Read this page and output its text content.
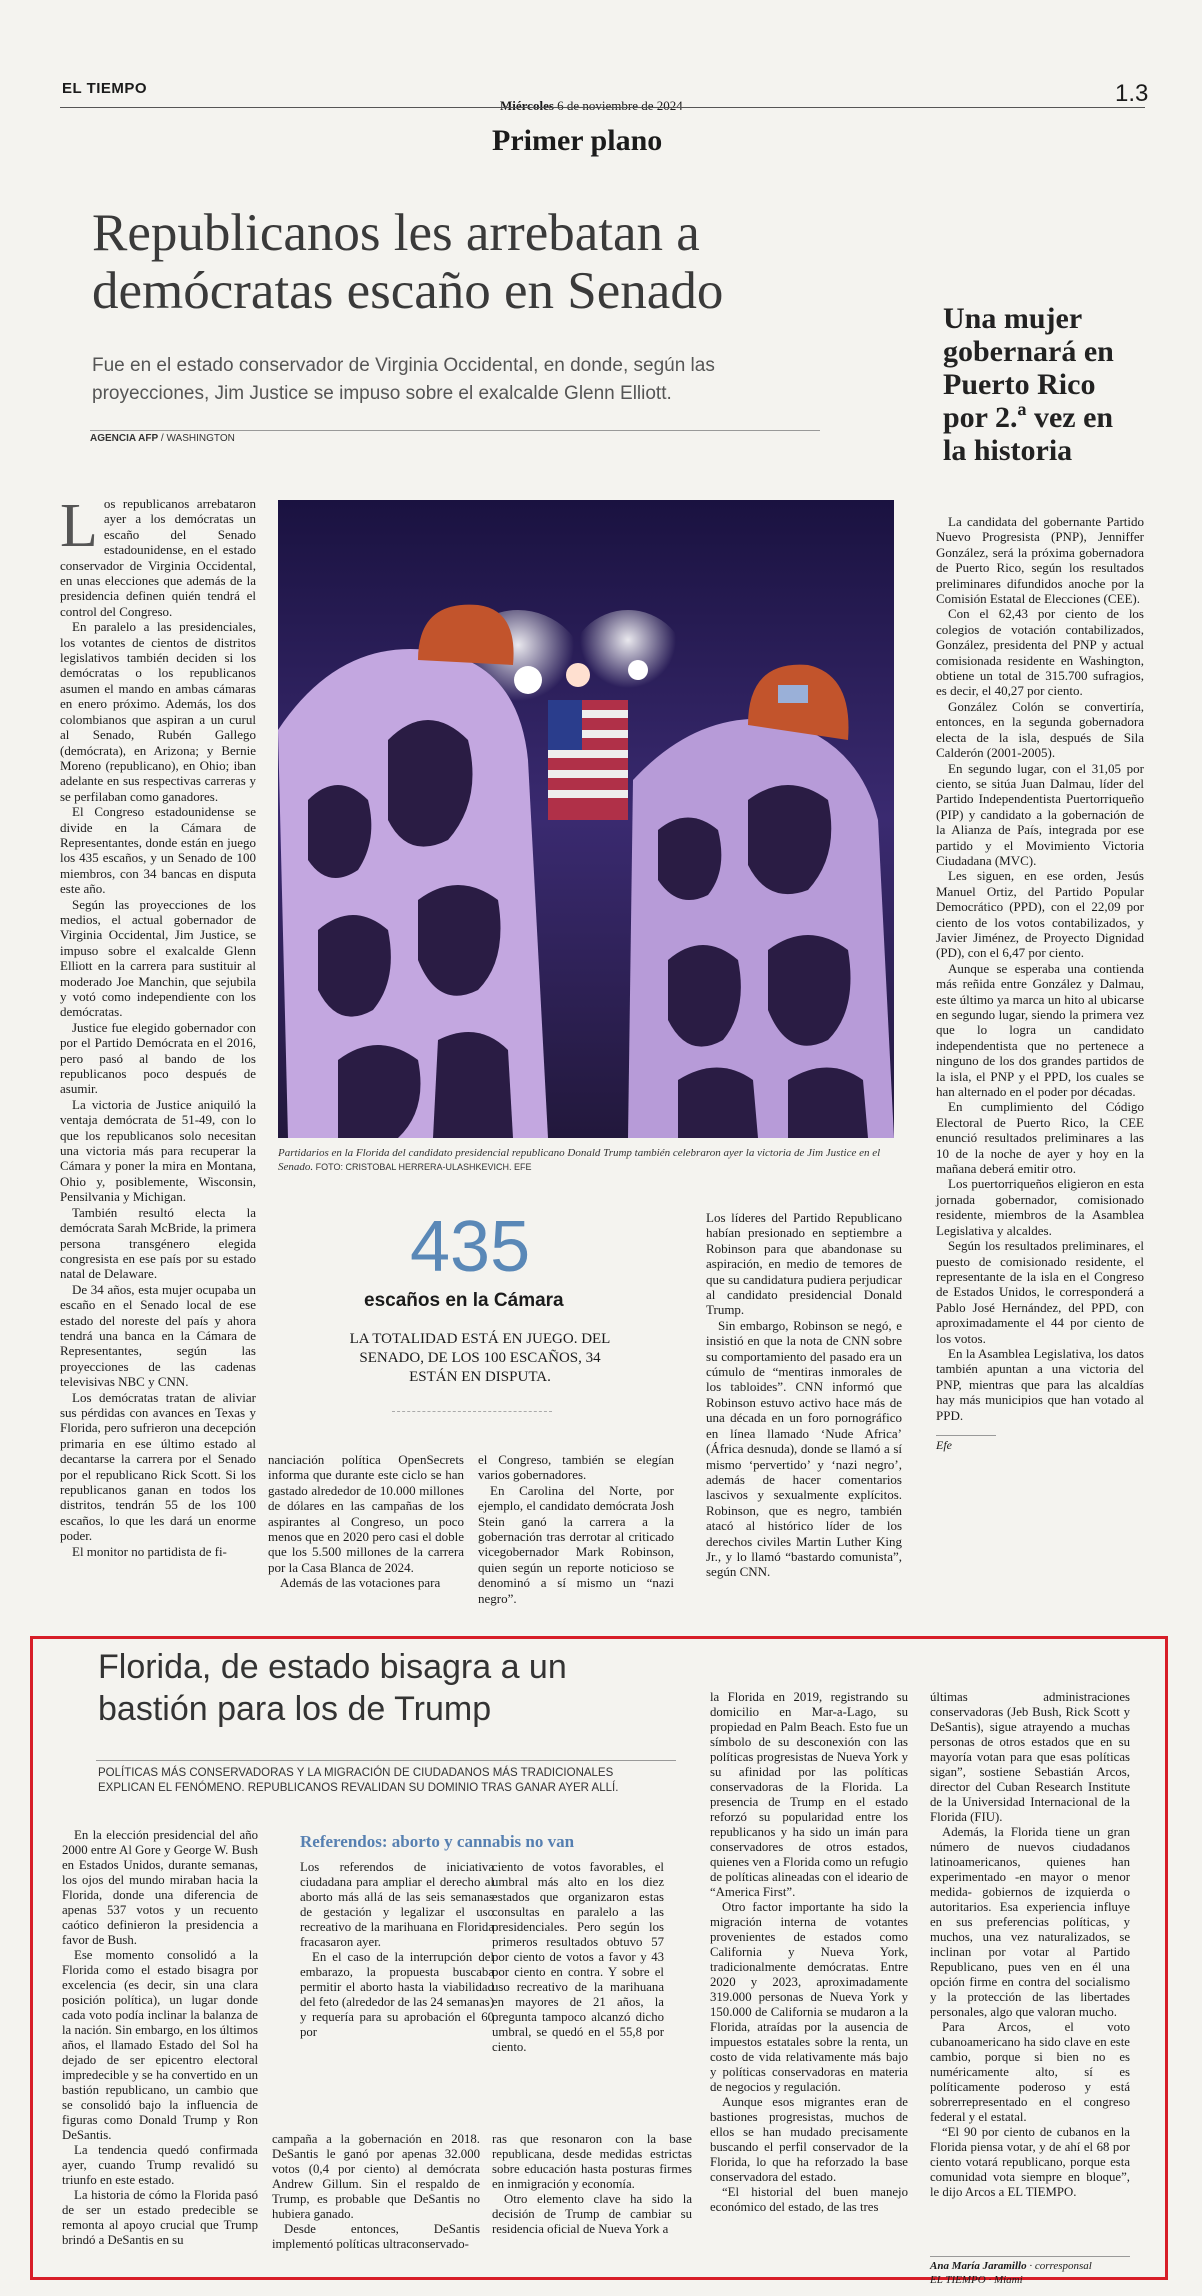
EL TIEMPO
Miércoles 6 de noviembre de 2024	1.3
Primer plano
Republicanos les arrebatan a demócratas escaño en Senado
Fue en el estado conservador de Virginia Occidental, en donde, según las proyecciones, Jim Justice se impuso sobre el exalcalde Glenn Elliott.
AGENCIA AFP / WASHINGTON
L os republicanos arrebataron ayer a los demócratas un escaño del Senado estadounidense, en el estado conservador de Virginia Occidental, en unas elecciones que además de la presidencia definen quién tendrá el control del Congreso.

En paralelo a las presidenciales, los votantes de cientos de distritos legislativos también deciden si los demócratas o los republicanos asumen el mando en ambas cámaras en enero próximo. Además, los dos colombianos que aspiran a un curul al Senado, Rubén Gallego (demócrata), en Arizona; y Bernie Moreno (republicano), en Ohio; iban adelante en sus respectivas carreras y se perfilaban como ganadores.

El Congreso estadounidense se divide en la Cámara de Representantes, donde están en juego los 435 escaños, y un Senado de 100 miembros, con 34 bancas en disputa este año.

Según las proyecciones de los medios, el actual gobernador de Virginia Occidental, Jim Justice, se impuso sobre el exalcalde Glenn Elliott en la carrera para sustituir al moderado Joe Manchin, que sejubila y votó como independiente con los demócratas.

Justice fue elegido gobernador con por el Partido Demócrata en el 2016, pero pasó al bando de los republicanos poco después de asumir.

La victoria de Justice aniquiló la ventaja demócrata de 51-49, con lo que los republicanos solo necesitan una victoria más para recuperar la Cámara y poner la mira en Montana, Ohio y, posiblemente, Wisconsin, Pensilvania y Michigan.

También resultó electa la demócrata Sarah McBride, la primera persona transgénero elegida congresista en ese país por su estado natal de Delaware.

De 34 años, esta mujer ocupaba un escaño en el Senado local de ese estado del noreste del país y ahora tendrá una banca en la Cámara de Representantes, según las proyecciones de las cadenas televisivas NBC y CNN.

Los demócratas tratan de aliviar sus pérdidas con avances en Texas y Florida, pero sufrieron una decepción primaria en ese último estado al decantarse la carrera por el Senado por el republicano Rick Scott. Si los republicanos ganan en todos los distritos, tendrán 55 de los 100 escaños, lo que les dará un enorme poder.

El monitor no partidista de fi-

Partidarios en la Florida del candidato presidencial republicano Donald Trump también celebraron ayer la victoria de Jim Justice en el Senado. FOTO: CRISTOBAL HERRERA-ULASHKEVICH. EFE
435
escaños en la Cámara
LA TOTALIDAD ESTÁ EN JUEGO. DEL SENADO, DE LOS 100 ESCAÑOS, 34 ESTÁN EN DISPUTA.

nanciación política OpenSecrets informa que durante este ciclo se han gastado alrededor de 10.000 millones de dólares en las campañas de los aspirantes al Congreso, un poco menos que en 2020 pero casi el doble que los 5.500 millones de la carrera por la Casa Blanca de 2024.

Además de las votaciones para

el Congreso, también se elegían varios gobernadores.

En Carolina del Norte, por ejemplo, el candidato demócrata Josh Stein ganó la carrera a la gobernación tras derrotar al criticado vicegobernador Mark Robinson, quien según un reporte noticioso se denominó a sí mismo un “nazi negro”.

Los líderes del Partido Republicano habían presionado en septiembre a Robinson para que abandonase su aspiración, en medio de temores de que su candidatura pudiera perjudicar al candidato presidencial Donald Trump.

Sin embargo, Robinson se negó, e insistió en que la nota de CNN sobre su comportamiento del pasado era un cúmulo de “mentiras inmorales de los tabloides”. CNN informó que Robinson estuvo activo hace más de una década en un foro pornográfico en línea llamado ‘Nude Africa’ (África desnuda), donde se llamó a sí mismo ‘pervertido’ y ‘nazi negro’, además de hacer comentarios lascivos y sexualmente explícitos. Robinson, que es negro, también atacó al histórico líder de los derechos civiles Martin Luther King Jr., y lo llamó “bastardo comunista”, según CNN.

Una mujer gobernará en Puerto Rico por 2.ª vez en la historia

La candidata del gobernante Partido Nuevo Progresista (PNP), Jenniffer González, será la próxima gobernadora de Puerto Rico, según los resultados preliminares difundidos anoche por la Comisión Estatal de Elecciones (CEE).

Con el 62,43 por ciento de los colegios de votación contabilizados, González, presidenta del PNP y actual comisionada residente en Washington, obtiene un total de 315.700 sufragios, es decir, el 40,27 por ciento.

González Colón se convertiría, entonces, en la segunda gobernadora electa de la isla, después de Sila Calderón (2001-2005).

En segundo lugar, con el 31,05 por ciento, se sitúa Juan Dalmau, líder del Partido Independentista Puertorriqueño (PIP) y candidato a la gobernación de la Alianza de País, integrada por ese partido y el Movimiento Victoria Ciudadana (MVC).

Les siguen, en ese orden, Jesús Manuel Ortiz, del Partido Popular Democrático (PPD), con el 22,09 por ciento de los votos contabilizados, y Javier Jiménez, de Proyecto Dignidad (PD), con el 6,47 por ciento.

Aunque se esperaba una contienda más reñida entre González y Dalmau, este último ya marca un hito al ubicarse en segundo lugar, siendo la primera vez que lo logra un candidato independentista que no pertenece a ninguno de los dos grandes partidos de la isla, el PNP y el PPD, los cuales se han alternado en el poder por décadas.

En cumplimiento del Código Electoral de Puerto Rico, la CEE enunció resultados preliminares a las 10 de la noche de ayer y hoy en la mañana deberá emitir otro.

Los puertorriqueños eligieron en esta jornada gobernador, comisionado residente, miembros de la Asamblea Legislativa y alcaldes.

Según los resultados preliminares, el puesto de comisionado residente, el representante de la isla en el Congreso de Estados Unidos, le corresponderá a Pablo José Hernández, del PPD, con aproximadamente el 44 por ciento de los votos.

En la Asamblea Legislativa, los datos también apuntan a una victoria del PNP, mientras que para las alcaldías hay más municipios que han votado al PPD.

Efe

Florida, de estado bisagra a un bastión para los de Trump
POLÍTICAS MÁS CONSERVADORAS Y LA MIGRACIÓN DE CIUDADANOS MÁS TRADICIONALES EXPLICAN EL FENÓMENO. REPUBLICANOS REVALIDAN SU DOMINIO TRAS GANAR AYER ALLÍ.

En la elección presidencial del año 2000 entre Al Gore y George W. Bush en Estados Unidos, durante semanas, los ojos del mundo miraban hacia la Florida, donde una diferencia de apenas 537 votos y un recuento caótico definieron la presidencia a favor de Bush.

Ese momento consolidó a la Florida como el estado bisagra por excelencia (es decir, sin una clara posición política), un lugar donde cada voto podía inclinar la balanza de la nación. Sin embargo, en los últimos años, el llamado Estado del Sol ha dejado de ser epicentro electoral impredecible y se ha convertido en un bastión republicano, un cambio que se consolidó bajo la influencia de figuras como Donald Trump y Ron DeSantis.

La tendencia quedó confirmada ayer, cuando Trump revalidó su triunfo en este estado.

La historia de cómo la Florida pasó de ser un estado predecible se remonta al apoyo crucial que Trump brindó a DeSantis en su

Referendos: aborto y cannabis no van

Los referendos de iniciativa ciudadana para ampliar el derecho al aborto más allá de las seis semanas de gestación y legalizar el uso recreativo de la marihuana en Florida fracasaron ayer.

En el caso de la interrupción del embarazo, la propuesta buscaba permitir el aborto hasta la viabilidad del feto (alrededor de las 24 semanas) y requería para su aprobación el 60 por

ciento de votos favorables, el umbral más alto en los diez estados que organizaron estas consultas en paralelo a las presidenciales. Pero según los primeros resultados obtuvo 57 por ciento de votos a favor y 43 por ciento en contra. Y sobre el uso recreativo de la marihuana en mayores de 21 años, la pregunta tampoco alcanzó dicho umbral, se quedó en el 55,8 por ciento.

campaña a la gobernación en 2018. DeSantis le ganó por apenas 32.000 votos (0,4 por ciento) al demócrata Andrew Gillum. Sin el respaldo de Trump, es probable que DeSantis no hubiera ganado.

Desde entonces, DeSantis implementó políticas ultraconservado-

ras que resonaron con la base republicana, desde medidas estrictas sobre educación hasta posturas firmes en inmigración y economía.

Otro elemento clave ha sido la decisión de Trump de cambiar su residencia oficial de Nueva York a

la Florida en 2019, registrando su domicilio en Mar-a-Lago, su propiedad en Palm Beach. Esto fue un símbolo de su desconexión con las políticas progresistas de Nueva York y su afinidad por las políticas conservadoras de la Florida. La presencia de Trump en el estado reforzó su popularidad entre los republicanos y ha sido un imán para conservadores de otros estados, quienes ven a Florida como un refugio de políticas alineadas con el ideario de “America First”.

Otro factor importante ha sido la migración interna de votantes provenientes de estados como California y Nueva York, tradicionalmente demócratas. Entre 2020 y 2023, aproximadamente 319.000 personas de Nueva York y 150.000 de California se mudaron a la Florida, atraídas por la ausencia de impuestos estatales sobre la renta, un costo de vida relativamente más bajo y políticas conservadoras en materia de negocios y regulación.

Aunque esos migrantes eran de bastiones progresistas, muchos de ellos se han mudado precisamente buscando el perfil conservador de la Florida, lo que ha reforzado la base conservadora del estado.

“El historial del buen manejo económico del estado, de las tres

últimas administraciones conservadoras (Jeb Bush, Rick Scott y DeSantis), sigue atrayendo a muchas personas de otros estados que en su mayoría votan para que esas políticas sigan”, sostiene Sebastián Arcos, director del Cuban Research Institute de la Universidad Internacional de la Florida (FIU).

Además, la Florida tiene un gran número de nuevos ciudadanos latinoamericanos, quienes han experimentado -en mayor o menor medida- gobiernos de izquierda o autoritarios. Esa experiencia influye en sus preferencias políticas, y muchos, una vez naturalizados, se inclinan por votar al Partido Republicano, pues ven en él una opción firme en contra del socialismo y la protección de las libertades personales, algo que valoran mucho.

Para Arcos, el voto cubanoamericano ha sido clave en este cambio, porque si bien no es numéricamente alto, sí es políticamente poderoso y está sobrerrepresentado en el congreso federal y el estatal.

“El 90 por ciento de cubanos en la Florida piensa votar, y de ahí el 68 por ciento votará republicano, porque esta comunidad vota siempre en bloque”, le dijo Arcos a EL TIEMPO.

Ana María Jaramillo · corresponsal
EL TIEMPO · Miami
